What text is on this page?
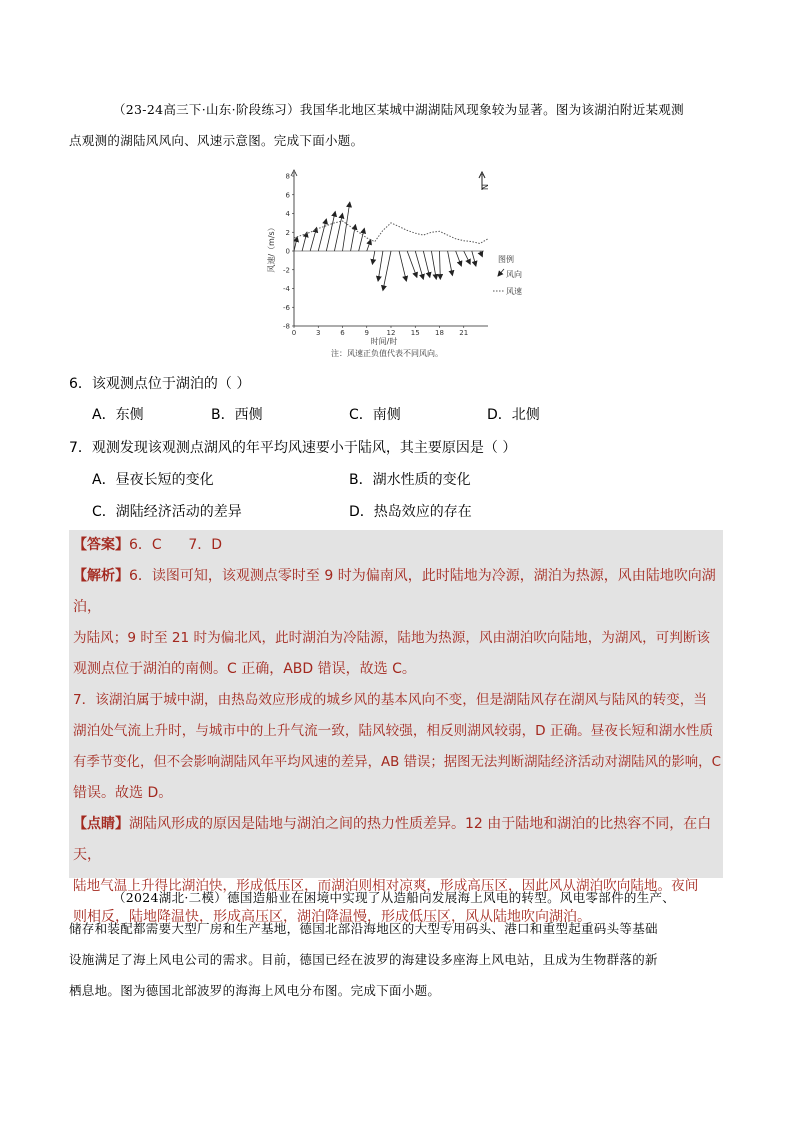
（23-24高三下·山东·阶段练习）我国华北地区某城中湖湖陆风现象较为显著。图为该湖泊附近某观测
点观测的湖陆风风向、风速示意图。完成下面小题。
8
6
4
2
0
-2
-4
-6
-8
0	3	6	9	12 15 18 21
风速/（m/s）
时间/时
注：风速正负值代表不同风向。
N
图例
风向
风速
6．该观测点位于湖泊的（ ）
A．东侧	B．西侧	C．南侧	D．北侧
7．观测发现该观测点湖风的年平均风速要小于陆风，其主要原因是（ ）
A．昼夜长短的变化	B．湖水性质的变化
C．湖陆经济活动的差异	D．热岛效应的存在
【答案】6．C      7．D
【解析】6．读图可知，该观测点零时至 9 时为偏南风，此时陆地为冷源，湖泊为热源，风由陆地吹向湖泊，
为陆风；9 时至 21 时为偏北风，此时湖泊为冷陆源，陆地为热源，风由湖泊吹向陆地，为湖风，可判断该
观测点位于湖泊的南侧。C 正确，ABD 错误，故选 C。
7．该湖泊属于城中湖，由热岛效应形成的城乡风的基本风向不变，但是湖陆风存在湖风与陆风的转变，当
湖泊处气流上升时，与城市中的上升气流一致，陆风较强，相反则湖风较弱，D 正确。昼夜长短和湖水性质
有季节变化，但不会影响湖陆风年平均风速的差异，AB 错误；据图无法判断湖陆经济活动对湖陆风的影响，C
错误。故选 D。
【点睛】湖陆风形成的原因是陆地与湖泊之间的热力性质差异。12 由于陆地和湖泊的比热容不同，在白天，
陆地气温上升得比湖泊快，形成低压区，而湖泊则相对凉爽，形成高压区，因此风从湖泊吹向陆地。夜间
则相反，陆地降温快，形成高压区，湖泊降温慢，形成低压区，风从陆地吹向湖泊。
（2024湖北·二模）德国造船业在困境中实现了从造船向发展海上风电的转型。风电零部件的生产、
储存和装配都需要大型厂房和生产基地，德国北部沿海地区的大型专用码头、港口和重型起重码头等基础
设施满足了海上风电公司的需求。目前，德国已经在波罗的海建设多座海上风电站，且成为生物群落的新
栖息地。图为德国北部波罗的海海上风电分布图。完成下面小题。
